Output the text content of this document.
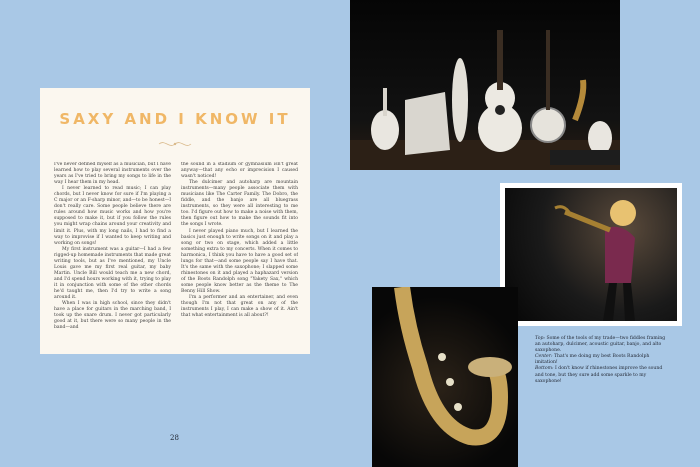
SAXY AND I KNOW IT

I've never defined myself as a musician, but I have learned how to play several instruments over the years as I've tried to bring my songs to life in the way I hear them in my head.

I never learned to read music; I can play chords, but I never know for sure if I'm playing a C major or an F-sharp minor, and—to be honest—I don't really care. Some people believe there are rules around how music works and how you're supposed to make it, but if you follow the rules you might wrap chains around your creativity and limit it. Plus, with my long nails, I had to find a way to improvise if I wanted to keep writing and working on songs!

My first instrument was a guitar—I had a few rigged-up homemade instruments that made great writing tools, but as I've mentioned, my Uncle Louis gave me my first real guitar, my baby Martin. Uncle Bill would teach me a new chord, and I'd spend hours working with it, trying to play it in conjunction with some of the other chords he'd taught me, then I'd try to write a song around it.

When I was in high school, since they didn't have a place for guitars in the marching band, I took up the snare drum. I never got particularly good at it, but there were so many people in the band—and

the sound in a stadium or gymnasium isn't great anyway—that any echo or imprecision I caused wasn't noticed!

The dulcimer and autoharp are mountain instruments—many people associate them with musicians like The Carter Family. The Dobro, the fiddle, and the banjo are all bluegrass instruments, so they were all interesting to me too. I'd figure out how to make a noise with them, then figure out how to make the sounds fit into the songs I wrote.

I never played piano much, but I learned the basics just enough to write songs on it and play a song or two on stage, which added a little something extra to my concerts. When it comes to harmonica, I think you have to have a good set of lungs for that—and some people say I have that. It's the same with the saxophone; I slapped some rhinestones on it and played a haphazard version of the Boots Randolph song "Yakety Sax," which some people know better as the theme to The Benny Hill Show.

I'm a performer and an entertainer, and even though I'm not that great on any of the instruments I play, I can make a show of it. Ain't that what entertainment is all about?!

Top: Some of the tools of my trade—two fiddles framing an autoharp, dulcimer, acoustic guitar, banjo, and alto saxophone.

Center: That's me doing my best Boots Randolph imitation!

Bottom: I don't know if rhinestones improve the sound and tone, but they sure add some sparkle to my saxophone!

28
